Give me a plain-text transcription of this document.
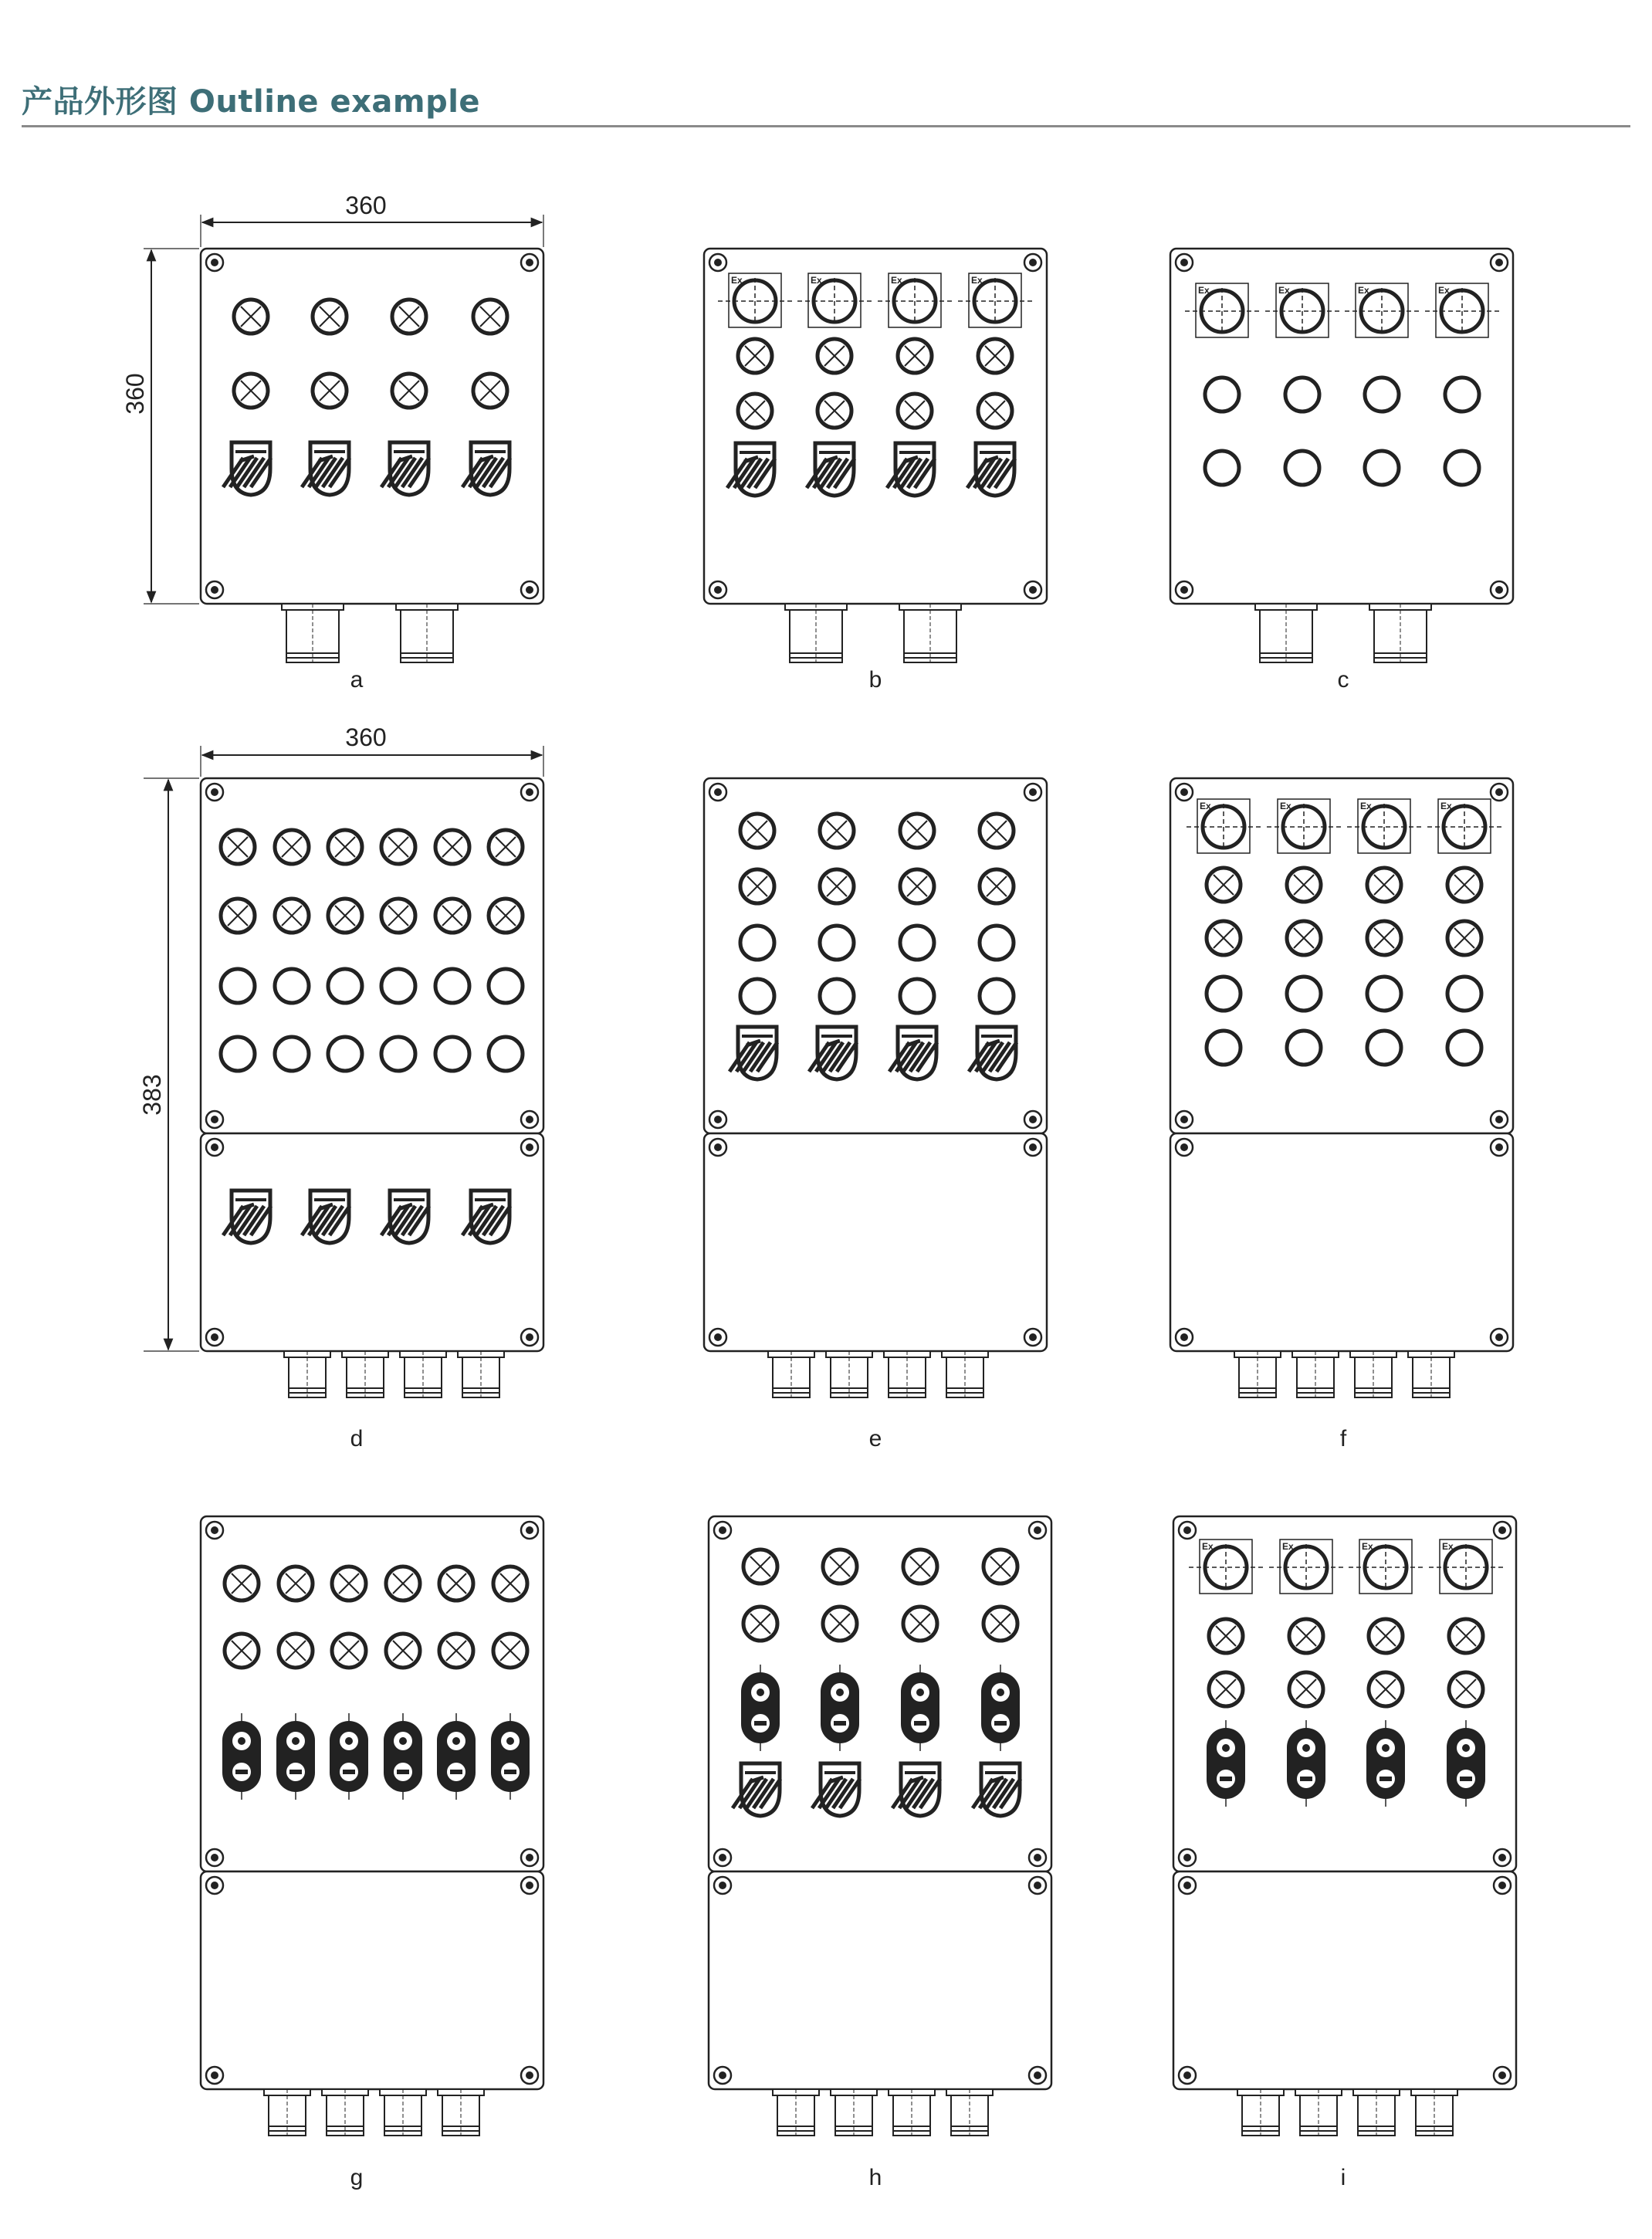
产品外形图 Outline example
360
360
360
383
a
Ex	Ex	Ex	Ex
b
Ex	Ex	Ex	Ex
c
d	e
Ex	Ex	Ex	Ex
f
g	h
Ex	Ex	Ex	Ex
i
